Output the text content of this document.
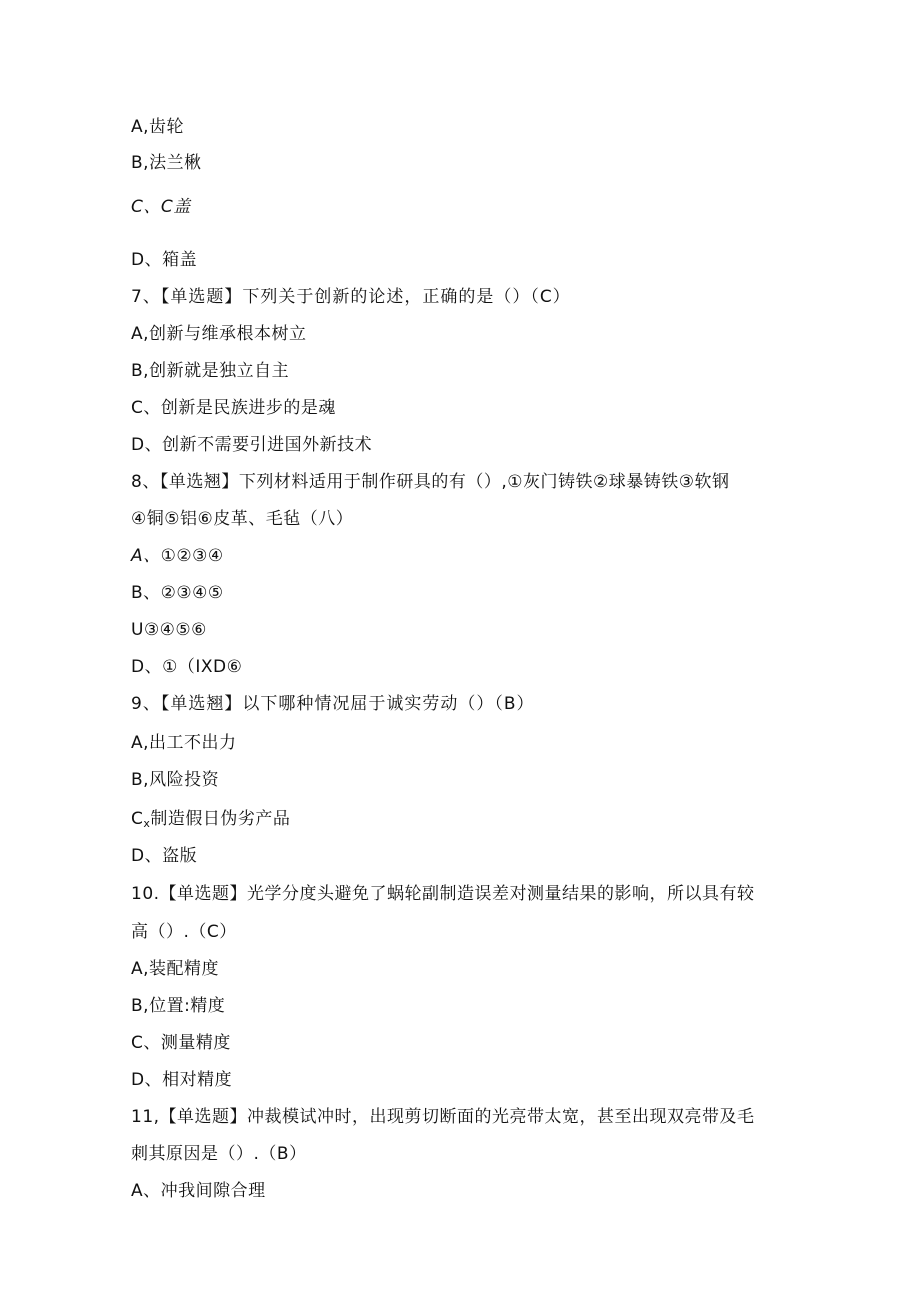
A,齿轮
B,法兰楸
C、C盖
D、箱盖
7、【单选题】下列关于创新的论述，正确的是（）（C）
A,创新与维承根本树立
B,创新就是独立自主
C、创新是民族进步的是魂
D、创新不需要引进国外新技术
8、【单选翘】下列材料适用于制作研具的有（）,①灰门铸铁②球暴铸铁③软钢
④铜⑤铝⑥皮革、毛毡（八）
A、①②③④
B、②③④⑤
U③④⑤⑥
D、①（IXD⑥
9、【单选翘】以下哪种情况屈于诚实劳动（）（B）
A,出工不出力
B,风险投资
$C_x$制造假日伪劣产品
D、盗版
10.【单选题】光学分度头避免了蜗轮副制造误差对测量结果的影响，所以具有较
高（）.（C）
A,装配精度
B,位置:精度
C、测量精度
D、相对精度
11,【单选题】冲裁模试冲时，出现剪切断面的光亮带太宽，甚至出现双亮带及毛
刺其原因是（）.（B）
A、冲我间隙合理
